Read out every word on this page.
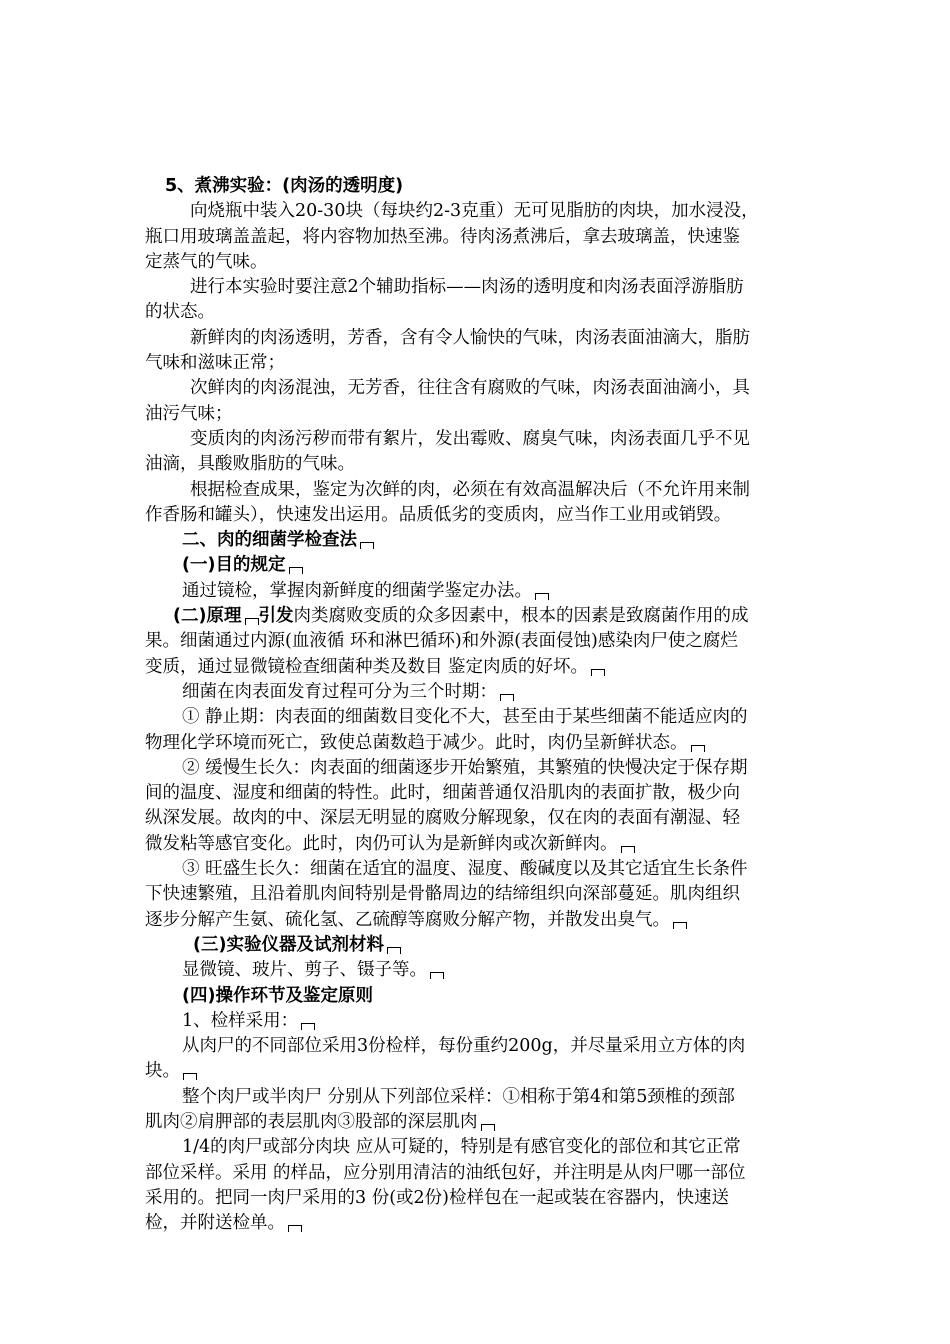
5、煮沸实验：(肉汤的透明度)
向烧瓶中装入20-30块（每块约2-3克重）无可见脂肪的肉块，加水浸没，
瓶口用玻璃盖盖起，将内容物加热至沸。待肉汤煮沸后，拿去玻璃盖，快速鉴
定蒸气的气味。
进行本实验时要注意2个辅助指标——肉汤的透明度和肉汤表面浮游脂肪
的状态。
新鲜肉的肉汤透明，芳香，含有令人愉快的气味，肉汤表面油滴大，脂肪
气味和滋味正常；
次鲜肉的肉汤混浊，无芳香，往往含有腐败的气味，肉汤表面油滴小，具
油污气味；
变质肉的肉汤污秽而带有絮片，发出霉败、腐臭气味，肉汤表面几乎不见
油滴，具酸败脂肪的气味。
根据检查成果，鉴定为次鲜的肉，必须在有效高温解决后（不允许用来制
作香肠和罐头），快速发出运用。品质低劣的变质肉，应当作工业用或销毁。
二、肉的细菌学检查法
(一)目的规定
通过镜检，掌握肉新鲜度的细菌学鉴定办法。
(二)原理 引发肉类腐败变质的众多因素中，根本的因素是致腐菌作用的成
果。细菌通过内源(血液循 环和淋巴循环)和外源(表面侵蚀)感染肉尸使之腐烂
变质，通过显微镜检查细菌种类及数目 鉴定肉质的好坏。
细菌在肉表面发育过程可分为三个时期：
① 静止期：肉表面的细菌数目变化不大，甚至由于某些细菌不能适应肉的
物理化学环境而死亡，致使总菌数趋于减少。此时，肉仍呈新鲜状态。
② 缓慢生长久：肉表面的细菌逐步开始繁殖，其繁殖的快慢决定于保存期
间的温度、湿度和细菌的特性。此时，细菌普通仅沿肌肉的表面扩散，极少向
纵深发展。故肉的中、深层无明显的腐败分解现象，仅在肉的表面有潮湿、轻
微发粘等感官变化。此时，肉仍可认为是新鲜肉或次新鲜肉。
③ 旺盛生长久：细菌在适宜的温度、湿度、酸碱度以及其它适宜生长条件
下快速繁殖，且沿着肌肉间特别是骨骼周边的结缔组织向深部蔓延。肌肉组织
逐步分解产生氨、硫化氢、乙硫醇等腐败分解产物，并散发出臭气。
(三)实验仪器及试剂材料
显微镜、玻片、剪子、镊子等。
(四)操作环节及鉴定原则
1、检样采用：
从肉尸的不同部位采用3份检样，每份重约200g，并尽量采用立方体的肉
块。
整个肉尸或半肉尸 分别从下列部位采样：①相称于第4和第5颈椎的颈部
肌肉②肩胛部的表层肌肉③股部的深层肌肉
1/4的肉尸或部分肉块 应从可疑的，特别是有感官变化的部位和其它正常
部位采样。采用 的样品，应分别用清洁的油纸包好，并注明是从肉尸哪一部位
采用的。把同一肉尸采用的3 份(或2份)检样包在一起或装在容器内，快速送
检，并附送检单。
